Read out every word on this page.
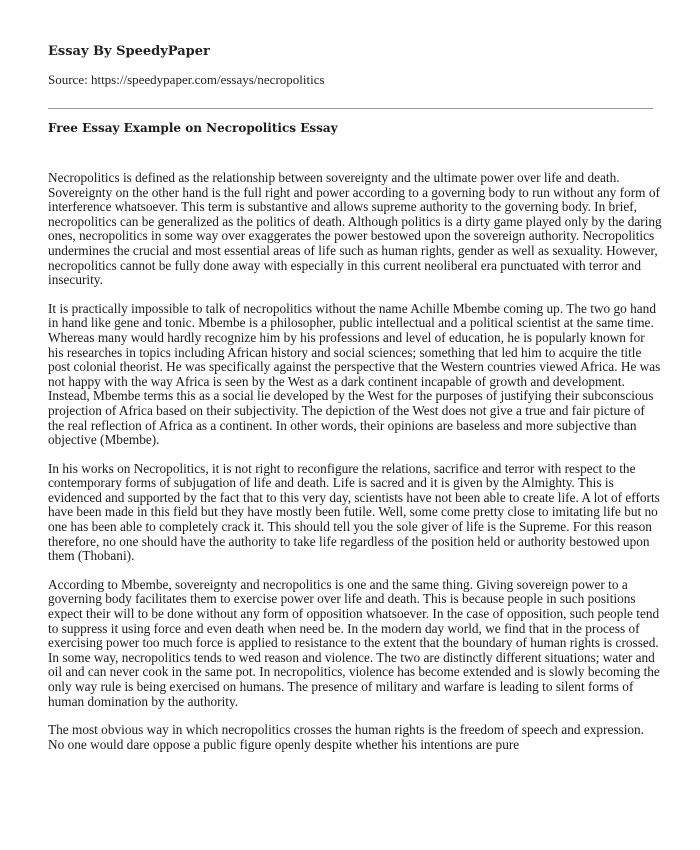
Essay By SpeedyPaper
Source: https://speedypaper.com/essays/necropolitics
Free Essay Example on Necropolitics Essay

Necropolitics is defined as the relationship between sovereignty and the ultimate power over life and death. Sovereignty on the other hand is the full right and power according to a governing body to run without any form of interference whatsoever. This term is substantive and allows supreme authority to the governing body. In brief, necropolitics can be generalized as the politics of death. Although politics is a dirty game played only by the daring ones, necropolitics in some way over exaggerates the power bestowed upon the sovereign authority. Necropolitics undermines the crucial and most essential areas of life such as human rights, gender as well as sexuality. However, necropolitics cannot be fully done away with especially in this current neoliberal era punctuated with terror and insecurity.

It is practically impossible to talk of necropolitics without the name Achille Mbembe coming up. The two go hand in hand like gene and tonic. Mbembe is a philosopher, public intellectual and a political scientist at the same time. Whereas many would hardly recognize him by his professions and level of education, he is popularly known for his researches in topics including African history and social sciences; something that led him to acquire the title post colonial theorist. He was specifically against the perspective that the Western countries viewed Africa. He was not happy with the way Africa is seen by the West as a dark continent incapable of growth and development. Instead, Mbembe terms this as a social lie developed by the West for the purposes of justifying their subconscious projection of Africa based on their subjectivity. The depiction of the West does not give a true and fair picture of the real reflection of Africa as a continent. In other words, their opinions are baseless and more subjective than objective (Mbembe).

In his works on Necropolitics, it is not right to reconfigure the relations, sacrifice and terror with respect to the contemporary forms of subjugation of life and death. Life is sacred and it is given by the Almighty. This is evidenced and supported by the fact that to this very day, scientists have not been able to create life. A lot of efforts have been made in this field but they have mostly been futile. Well, some come pretty close to imitating life but no one has been able to completely crack it. This should tell you the sole giver of life is the Supreme. For this reason therefore, no one should have the authority to take life regardless of the position held or authority bestowed upon them (Thobani).

According to Mbembe, sovereignty and necropolitics is one and the same thing. Giving sovereign power to a governing body facilitates them to exercise power over life and death. This is because people in such positions expect their will to be done without any form of opposition whatsoever. In the case of opposition, such people tend to suppress it using force and even death when need be. In the modern day world, we find that in the process of exercising power too much force is applied to resistance to the extent that the boundary of human rights is crossed. In some way, necropolitics tends to wed reason and violence. The two are distinctly different situations; water and oil and can never cook in the same pot. In necropolitics, violence has become extended and is slowly becoming the only way rule is being exercised on humans. The presence of military and warfare is leading to silent forms of human domination by the authority.

The most obvious way in which necropolitics crosses the human rights is the freedom of speech and expression. No one would dare oppose a public figure openly despite whether his intentions are pure
